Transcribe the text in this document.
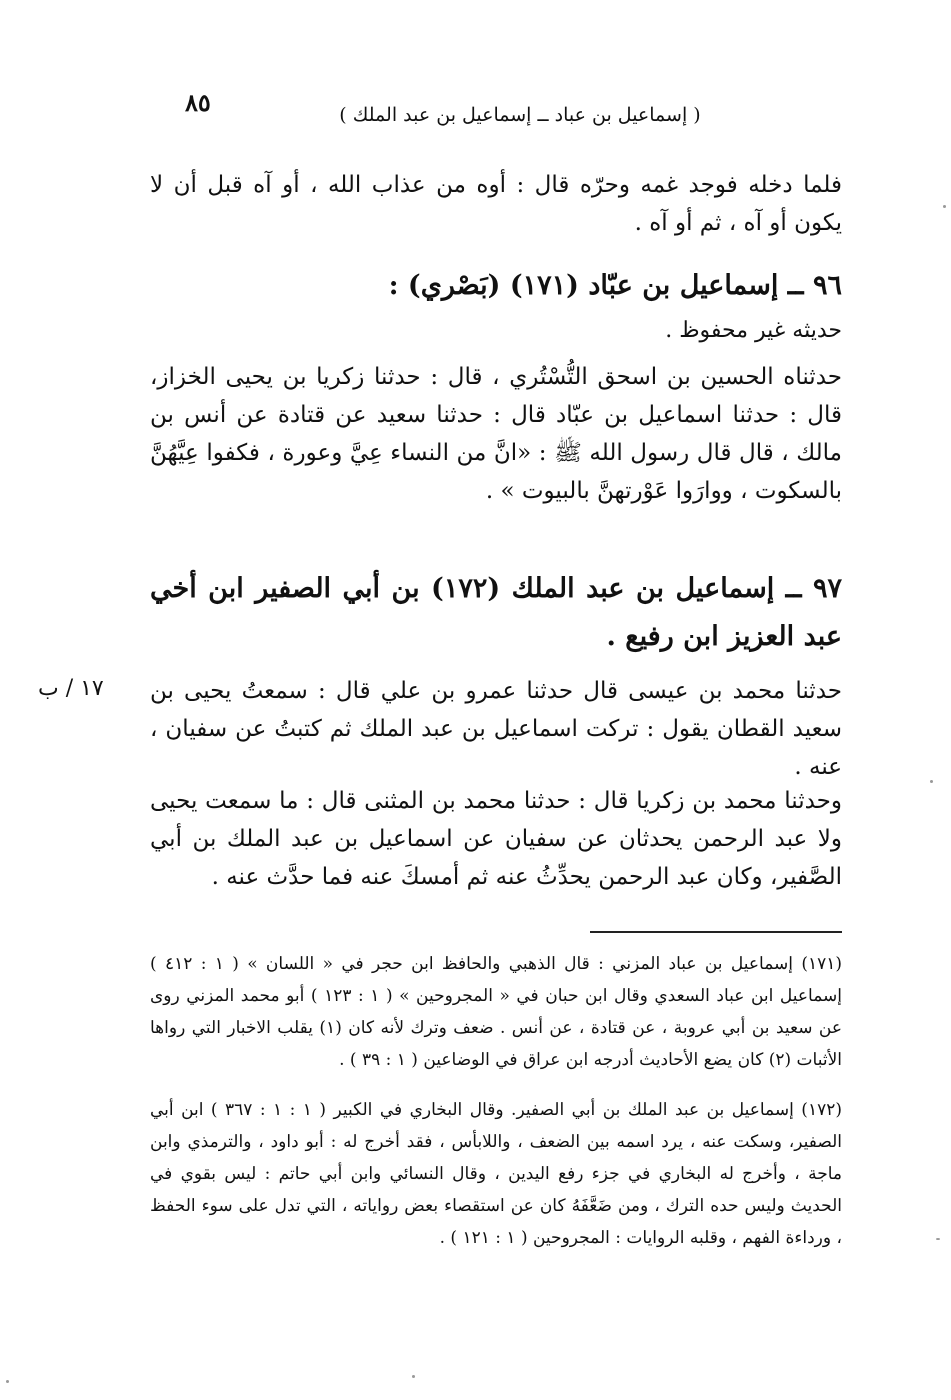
٨٥	( إسماعيل بن عباد ــ إسماعيل بن عبد الملك )
فلما دخله فوجد غمه وحرّه قال : أوه من عذاب الله ، أو آه قبل أن لا يكون أو آه ، ثم أو آه .
٩٦ ــ إسماعيل بن عبّاد (١٧١) (بَصْري) :
حديثه غير محفوظ .
حدثناه الحسين بن اسحق التُّسْتُري ، قال : حدثنا زكريا بن يحيى الخزاز، قال : حدثنا اسماعيل بن عبّاد قال : حدثنا سعيد عن قتادة عن أنس بن مالك ، قال قال رسول الله ﷺ : «انَّ من النساء عِيَّ وعورة ، فكفوا عِيَّهُنَّ بالسكوت ، ووارَوا عَوْرتهنَّ بالبيوت » .
٩٧ ــ إسماعيل بن عبد الملك (١٧٢) بن أبي الصفير ابن أخي عبد العزيز ابن رفيع .
حدثنا محمد بن عيسى قال حدثنا عمرو بن علي قال : سمعتُ يحيى بن سعيد القطان يقول : تركت اسماعيل بن عبد الملك ثم كتبتُ عن سفيان ، عنه .
١٧ / ب
وحدثنا محمد بن زكريا قال : حدثنا محمد بن المثنى قال : ما سمعت يحيى ولا عبد الرحمن يحدثان عن سفيان عن اسماعيل بن عبد الملك بن أبي الصَّفير، وكان عبد الرحمن يحدِّثُ عنه ثم أمسكَ عنه فما حدَّث عنه .
(١٧١) إسماعيل بن عباد المزني : قال الذهبي والحافظ ابن حجر في « اللسان » ( ١ : ٤١٢ ) إسماعيل ابن عباد السعدي وقال ابن حبان في « المجروحين » ( ١ : ١٢٣ ) أبو محمد المزني روى عن سعيد بن أبي عروبة ، عن قتادة ، عن أنس . ضعف وترك لأنه كان (١) يقلب الاخبار التي رواها الأثبات (٢) كان يضع الأحاديث أدرجه ابن عراق في الوضاعين ( ١ : ٣٩ ) .
(١٧٢) إسماعيل بن عبد الملك بن أبي الصفير. وقال البخاري في الكبير ( ١ : ١ : ٣٦٧ ) ابن أبي الصفير، وسكت عنه ، يرد اسمه بين الضعف ، واللابأس ، فقد أخرج له : أبو داود ، والترمذي وابن ماجة ، وأخرج له البخاري في جزء رفع اليدين ، وقال النسائي وابن أبي حاتم : ليس بقوي في الحديث وليس حده الترك ، ومن ضَعَّفَهُ كان عن استقصاء بعض رواياته ، التي تدل على سوء الحفظ ، ورداءة الفهم ، وقلبه الروايات : المجروحين ( ١ : ١٢١ ) .
